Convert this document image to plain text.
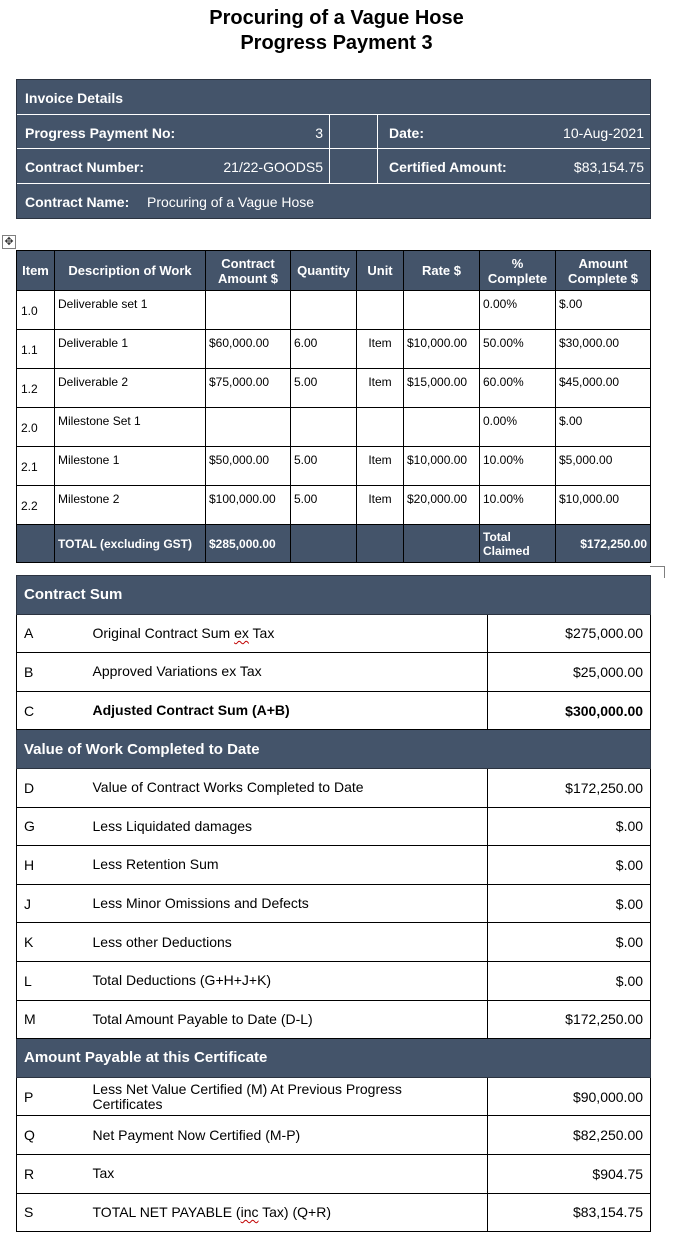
Procuring of a Vague Hose
Progress Payment 3
Invoice Details
Progress Payment No:	3	Date:	10-Aug-2021
Contract Number:	21/22-GOODS5	Certified Amount:	$83,154.75
Contract Name: Procuring of a Vague Hose
✥
Item	Description of Work	Contract Amount $	Quantity	Unit	Rate $	% Complete	Amount Complete $
1.0	Deliverable set 1					0.00%	$.00
1.1	Deliverable 1	$60,000.00	6.00	Item	$10,000.00	50.00%	$30,000.00
1.2	Deliverable 2	$75,000.00	5.00	Item	$15,000.00	60.00%	$45,000.00
2.0	Milestone Set 1					0.00%	$.00
2.1	Milestone 1	$50,000.00	5.00	Item	$10,000.00	10.00%	$5,000.00
2.2	Milestone 2	$100,000.00	5.00	Item	$20,000.00	10.00%	$10,000.00
	TOTAL (excluding GST)	$285,000.00				Total Claimed	$172,250.00
Contract Sum		
A	Original Contract Sum ex Tax	$275,000.00
B	Approved Variations ex Tax	$25,000.00
C	Adjusted Contract Sum (A+B)	$300,000.00
Value of Work Completed to Date		
D	Value of Contract Works Completed to Date	$172,250.00
G	Less Liquidated damages	$.00
H	Less Retention Sum	$.00
J	Less Minor Omissions and Defects	$.00
K	Less other Deductions	$.00
L	Total Deductions (G+H+J+K)	$.00
M	Total Amount Payable to Date (D-L)	$172,250.00
Amount Payable at this Certificate		
P	Less Net Value Certified (M) At Previous Progress Certificates	$90,000.00
Q	Net Payment Now Certified (M-P)	$82,250.00
R	Tax	$904.75
S	TOTAL NET PAYABLE (inc Tax) (Q+R)	$83,154.75
